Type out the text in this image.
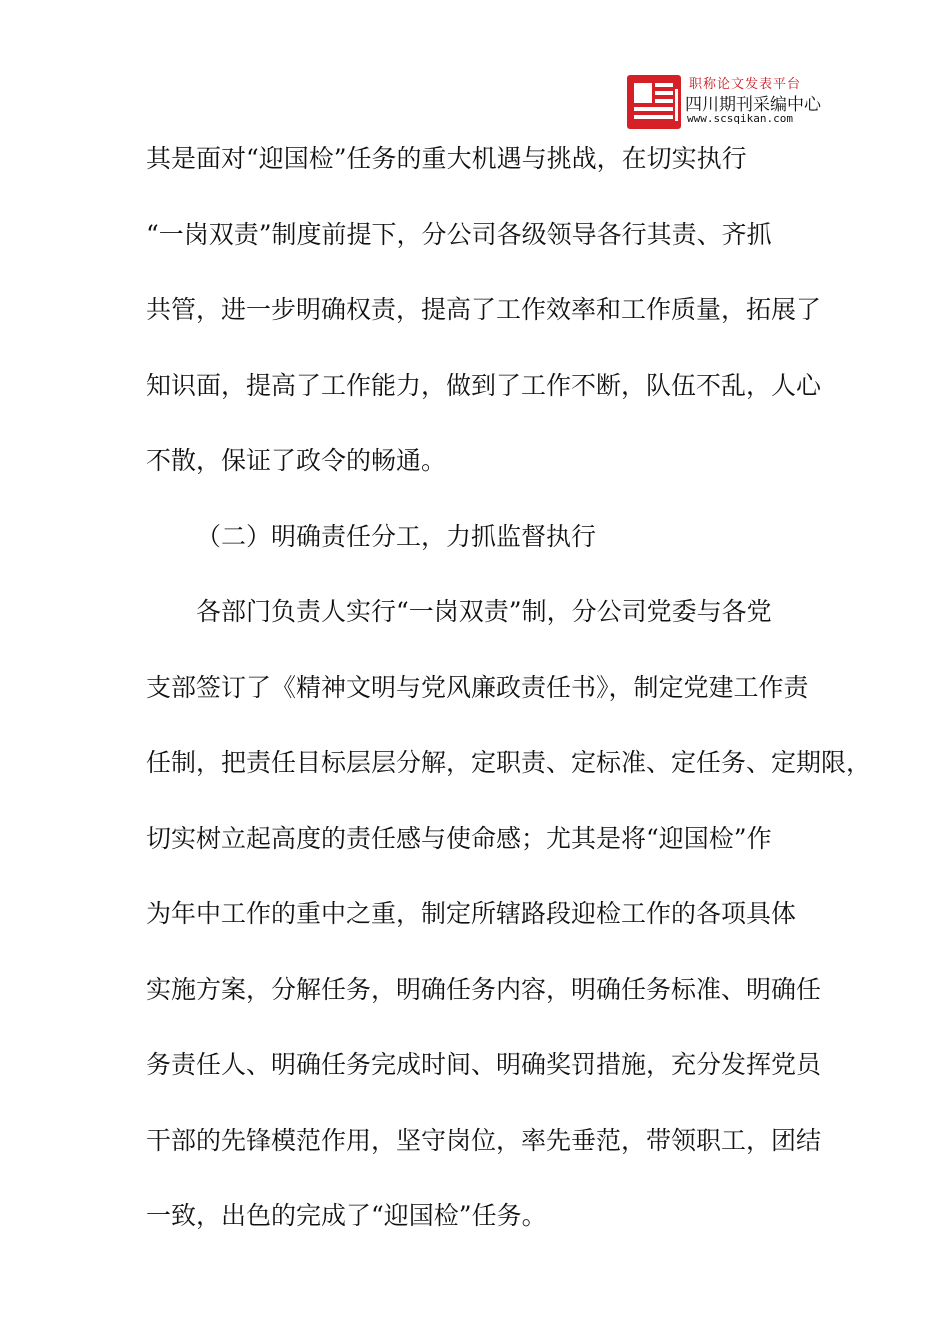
职称论文发表平台
四川期刊采编中心
www.scsqikan.com
其是面对“迎国检”任务的重大机遇与挑战，在切实执行
“一岗双责”制度前提下，分公司各级领导各行其责、齐抓
共管，进一步明确权责，提高了工作效率和工作质量，拓展了
知识面，提高了工作能力，做到了工作不断，队伍不乱，人心
不散，保证了政令的畅通。
（二）明确责任分工，力抓监督执行
各部门负责人实行“一岗双责”制，分公司党委与各党
支部签订了《精神文明与党风廉政责任书》，制定党建工作责
任制，把责任目标层层分解，定职责、定标准、定任务、定期限，
切实树立起高度的责任感与使命感；尤其是将“迎国检”作
为年中工作的重中之重，制定所辖路段迎检工作的各项具体
实施方案，分解任务，明确任务内容，明确任务标准、明确任
务责任人、明确任务完成时间、明确奖罚措施，充分发挥党员
干部的先锋模范作用，坚守岗位，率先垂范，带领职工，团结
一致，出色的完成了“迎国检”任务。
